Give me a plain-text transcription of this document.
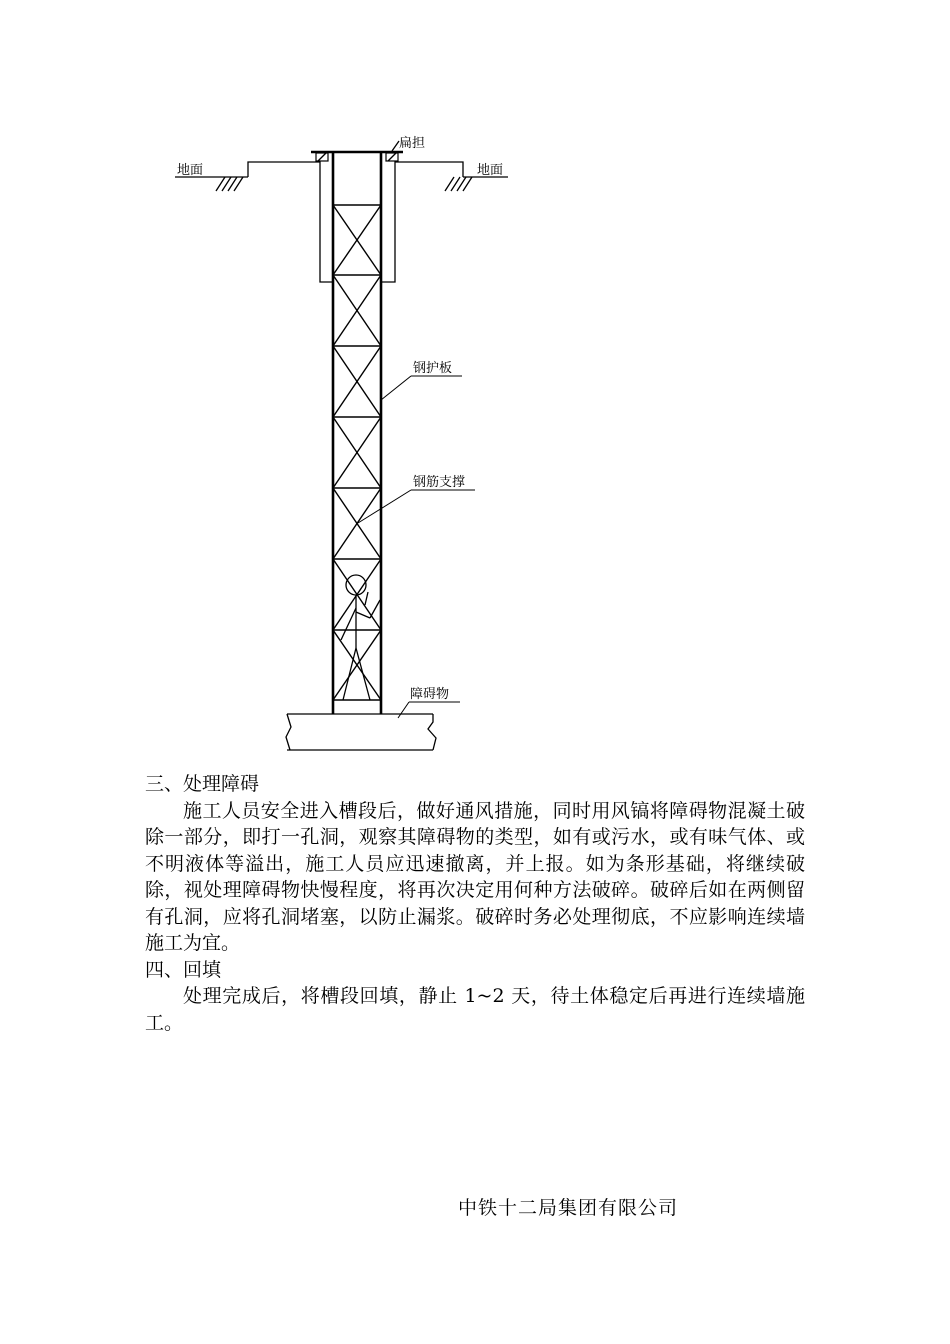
扁担
地面	地面
钢护板
钢筋支撑
障碍物

三、处理障碍

施工人员安全进入槽段后，做好通风措施，同时用风镐将障碍物混凝土破除一部分，即打一孔洞，观察其障碍物的类型，如有或污水，或有味气体、或不明液体等溢出，施工人员应迅速撤离，并上报。如为条形基础，将继续破除，视处理障碍物快慢程度，将再次决定用何种方法破碎。破碎后如在两侧留有孔洞，应将孔洞堵塞，以防止漏浆。破碎时务必处理彻底，不应影响连续墙施工为宜。

四、回填

处理完成后，将槽段回填，静止 1~2 天，待土体稳定后再进行连续墙施工。

中铁十二局集团有限公司
